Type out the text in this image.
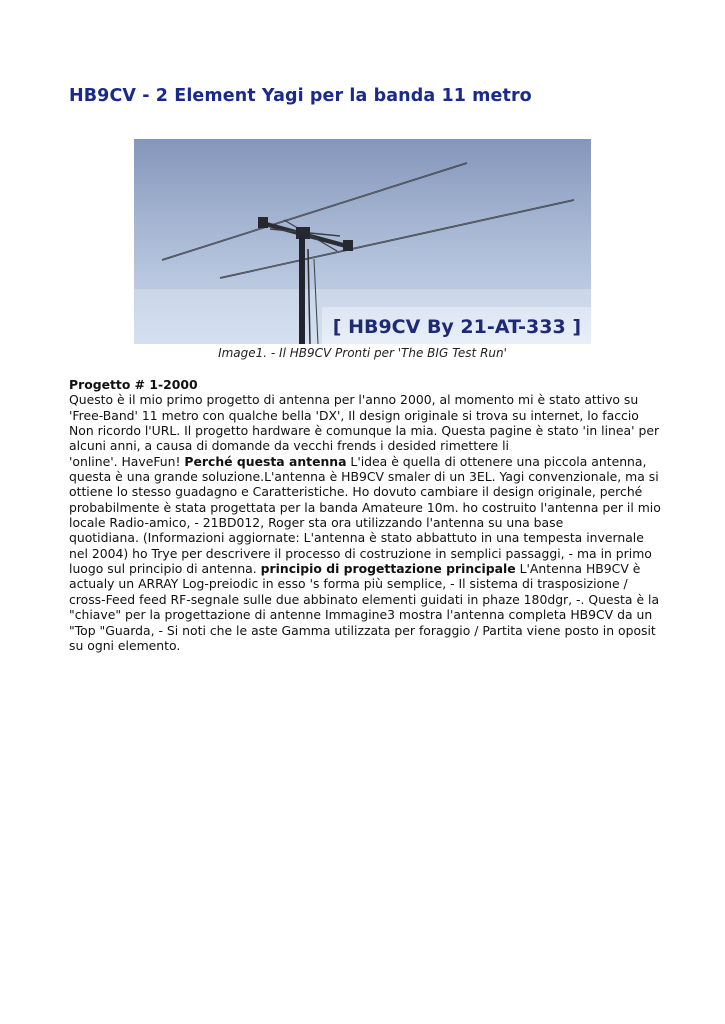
HB9CV - 2 Element Yagi per la banda 11 metro
[ HB9CV By 21-AT-333 ]
Image1. - Il HB9CV Pronti per 'The BIG Test Run'
Progetto # 1-2000
Questo è il mio primo progetto di antenna per l'anno 2000, al momento mi è stato attivo su
'Free-Band' 11 metro con qualche bella 'DX', Il design originale si trova su internet, lo faccio
Non ricordo l'URL. Il progetto hardware è comunque la mia. Questa pagine è stato 'in linea' per
alcuni anni, a causa di domande da vecchi frends i desided rimettere li
'online'. HaveFun! Perché questa antenna L'idea è quella di ottenere una piccola antenna,
questa è una grande soluzione.L'antenna è HB9CV smaler di un 3EL. Yagi convenzionale, ma si
ottiene lo stesso guadagno e Caratteristiche. Ho dovuto cambiare il design originale, perché
probabilmente è stata progettata per la banda Amateure 10m. ho costruito l'antenna per il mio
locale Radio-amico, - 21BD012, Roger sta ora utilizzando l'antenna su una base
quotidiana. (Informazioni aggiornate: L'antenna è stato abbattuto in una tempesta invernale
nel 2004) ho Trye per descrivere il processo di costruzione in semplici passaggi, - ma in primo
luogo sul principio di antenna. principio di progettazione principale L'Antenna HB9CV è
actualy un ARRAY Log-preiodic in esso 's forma più semplice, - Il sistema di trasposizione /
cross-Feed feed RF-segnale sulle due abbinato elementi guidati in phaze 180dgr, -. Questa è la
"chiave" per la progettazione di antenne Immagine3 mostra l'antenna completa HB9CV da un
"Top "Guarda, - Si noti che le aste Gamma utilizzata per foraggio / Partita viene posto in oposit
su ogni elemento.
